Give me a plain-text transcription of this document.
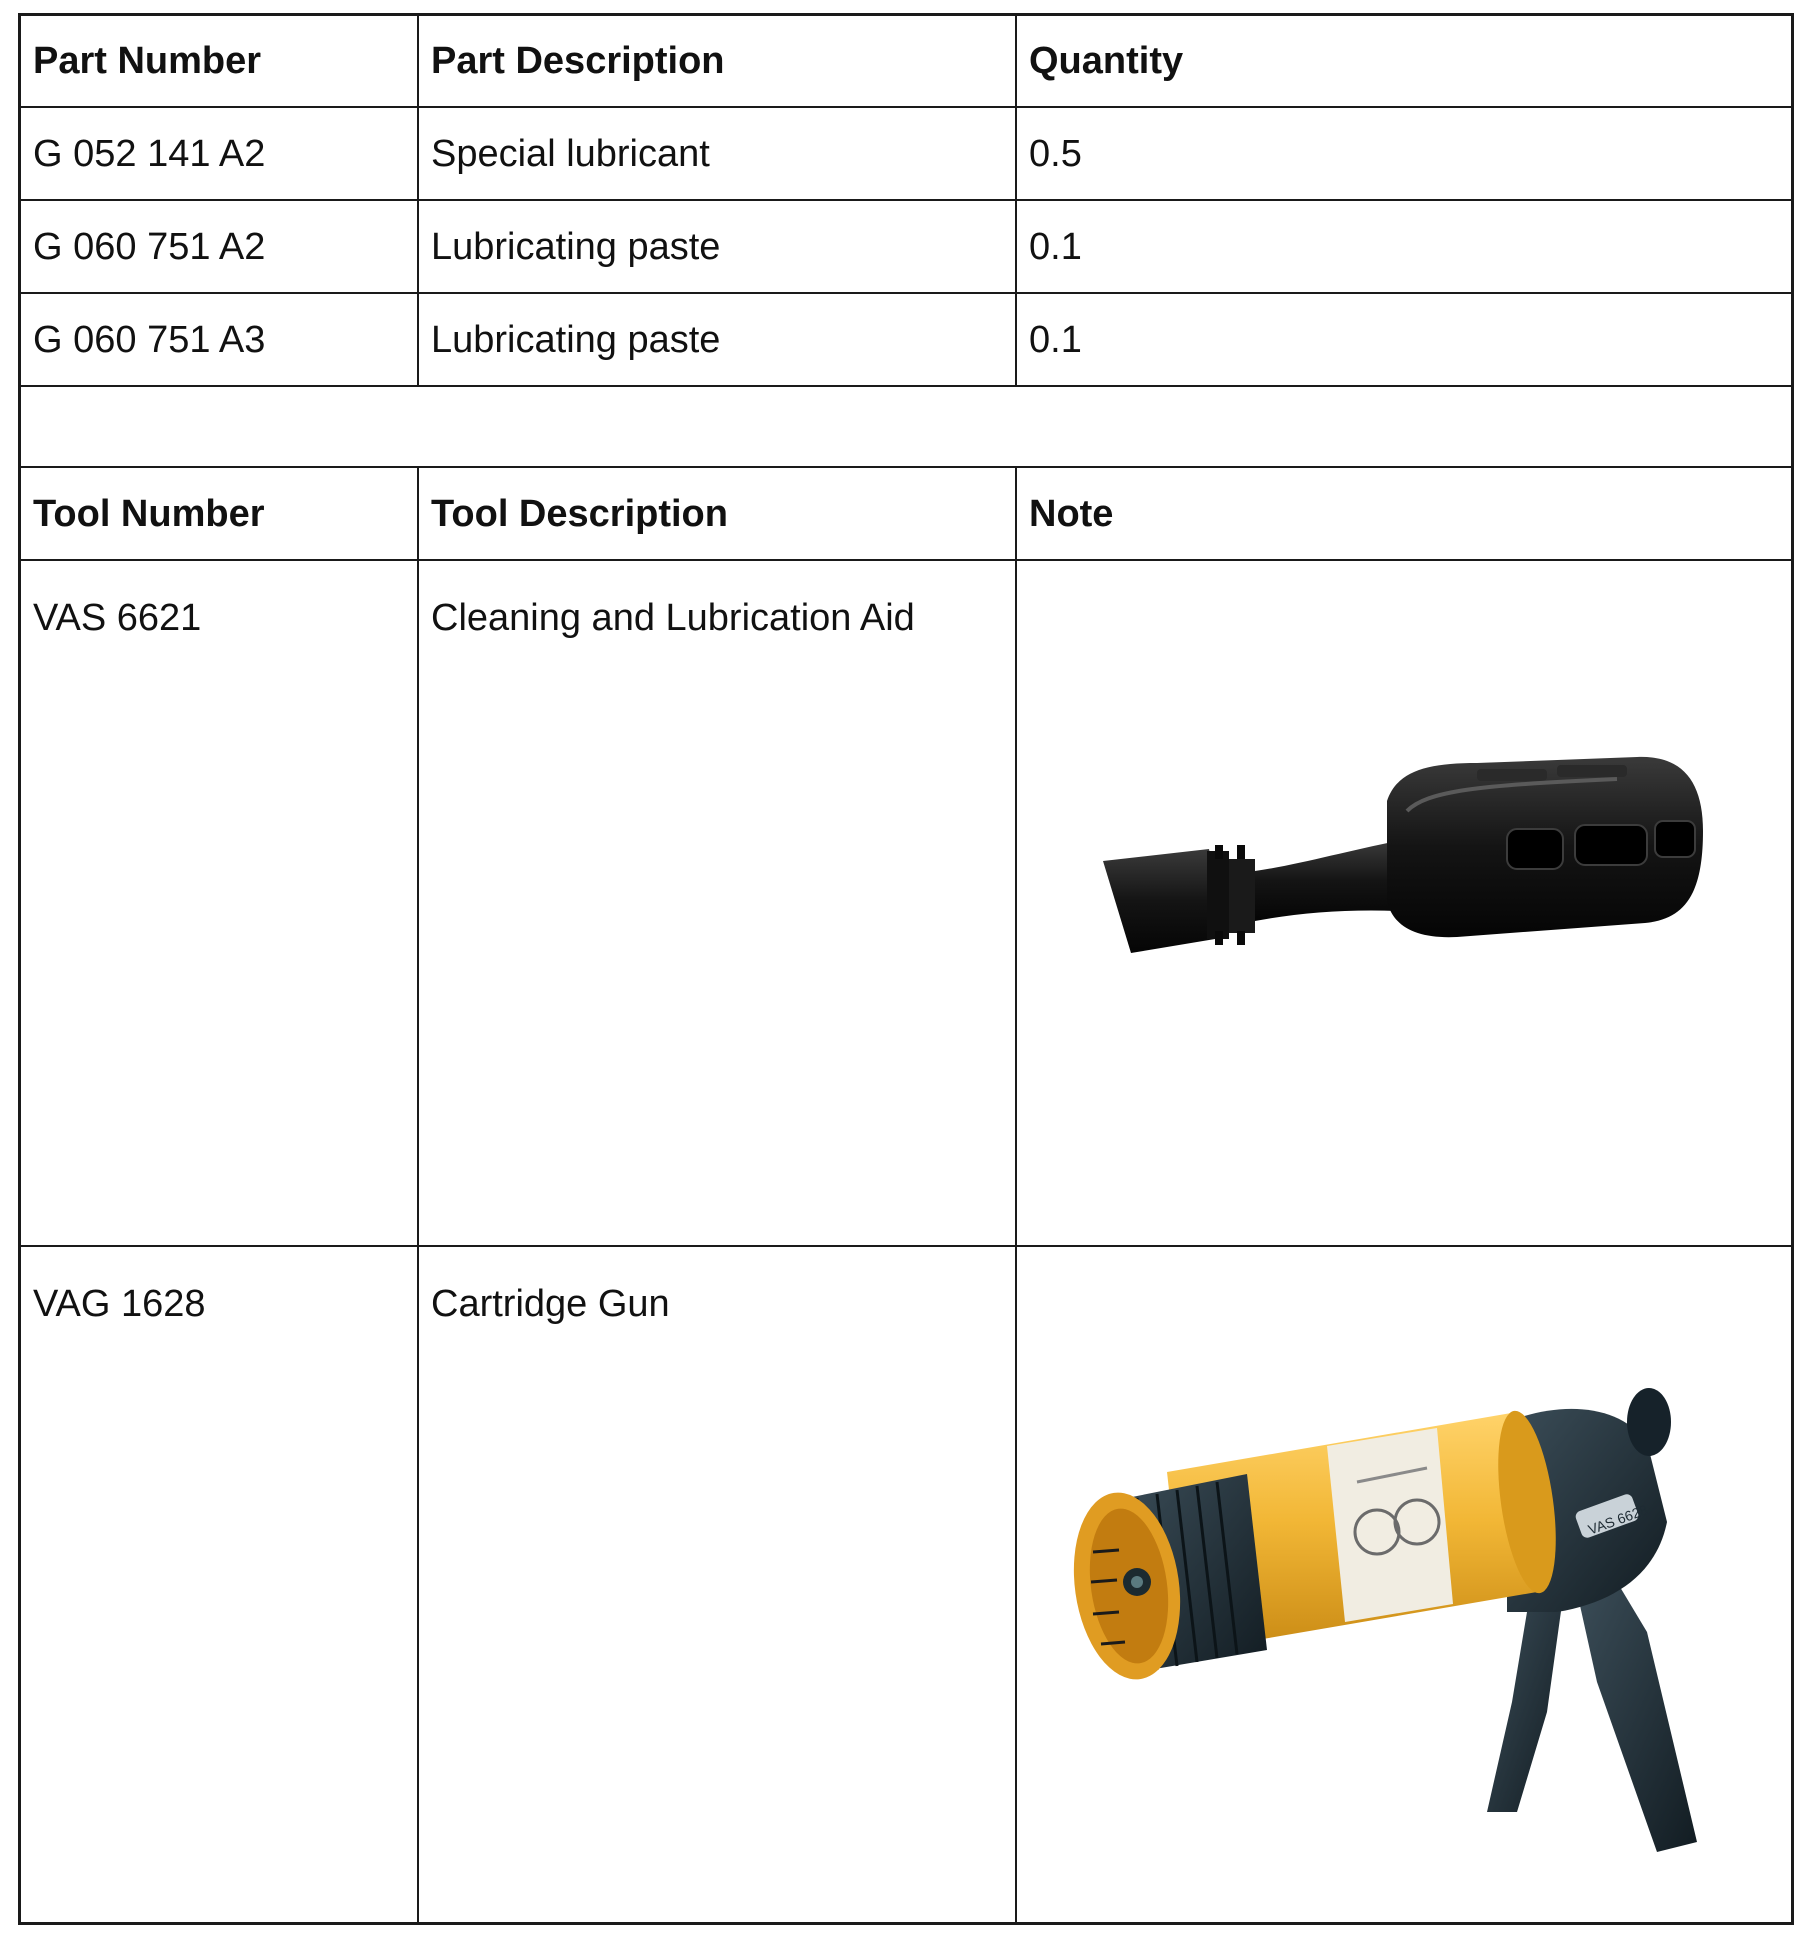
Part Number	Part Description	Quantity
G 052 141 A2	Special lubricant	0.5
G 060 751 A2	Lubricating paste	0.1
G 060 751 A3	Lubricating paste	0.1
Tool Number	Tool Description	Note
VAS 6621	Cleaning and Lubrication Aid
VAG 1628	Cartridge Gun
VAS 6628
